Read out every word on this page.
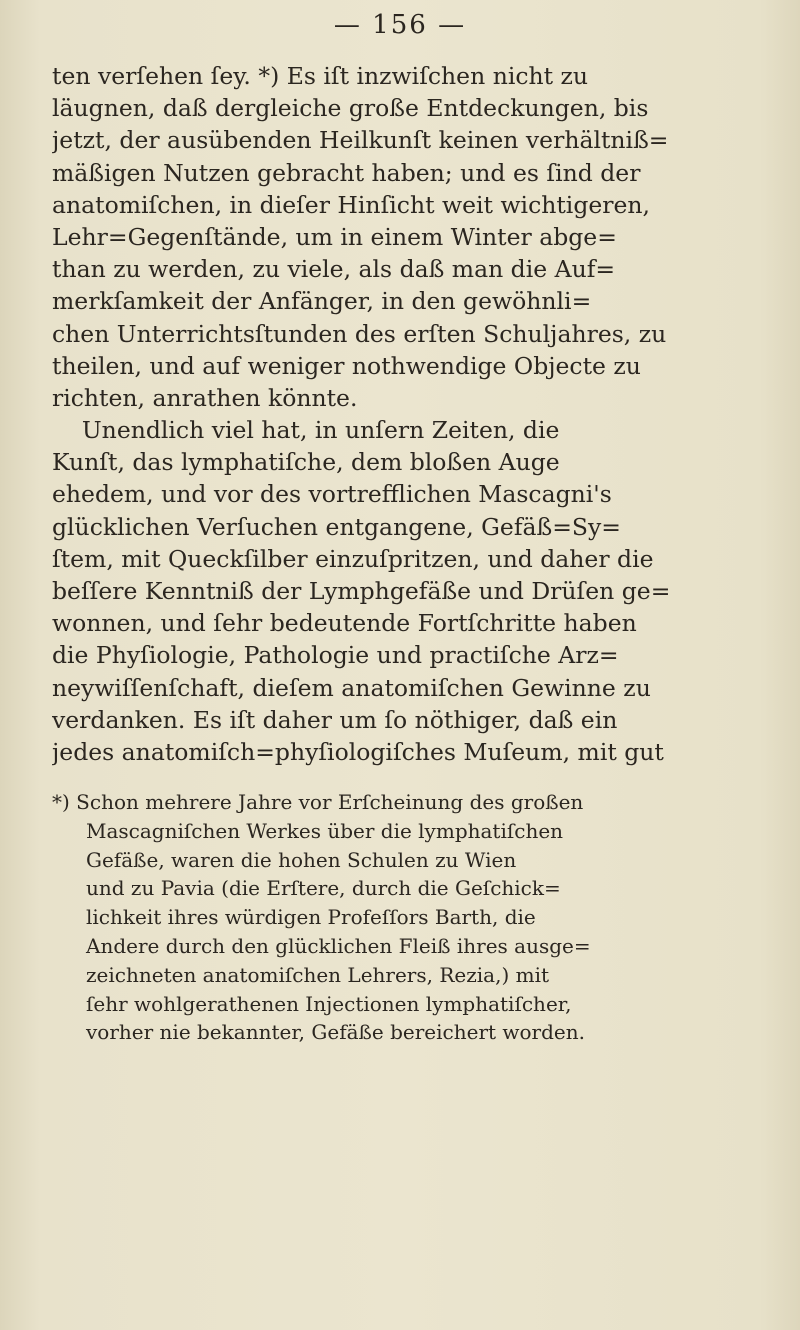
— 156 —
ten verſehen ſey. *) Es iſt inzwiſchen nicht zu
läugnen, daß dergleiche große Entdeckungen, bis
jetzt, der ausübenden Heilkunſt keinen verhältniß=
mäßigen Nutzen gebracht haben; und es ſind der
anatomiſchen, in dieſer Hinſicht weit wichtigeren,
Lehr=Gegenſtände, um in einem Winter abge=
than zu werden, zu viele, als daß man die Auf=
merkſamkeit der Anfänger, in den gewöhnli=
chen Unterrichtsſtunden des erſten Schuljahres, zu
theilen, und auf weniger nothwendige Objecte zu
richten, anrathen könnte.
Unendlich viel hat, in unſern Zeiten, die
Kunſt, das lymphatiſche, dem bloßen Auge
ehedem, und vor des vortrefflichen Mascagni's
glücklichen Verſuchen entgangene, Gefäß=Sy=
ſtem, mit Queckſilber einzuſpritzen, und daher die
beſſere Kenntniß der Lymphgefäße und Drüſen ge=
wonnen, und ſehr bedeutende Fortſchritte haben
die Phyſiologie, Pathologie und practiſche Arz=
neywiſſenſchaft, dieſem anatomiſchen Gewinne zu
verdanken. Es iſt daher um ſo nöthiger, daß ein
jedes anatomiſch=phyſiologiſches Muſeum, mit gut
*) Schon mehrere Jahre vor Erſcheinung des großen
Mascagniſchen Werkes über die lymphatiſchen
Gefäße, waren die hohen Schulen zu Wien
und zu Pavia (die Erſtere, durch die Geſchick=
lichkeit ihres würdigen Profeſſors Barth, die
Andere durch den glücklichen Fleiß ihres ausge=
zeichneten anatomiſchen Lehrers, Rezia,) mit
ſehr wohlgerathenen Injectionen lymphatiſcher,
vorher nie bekannter, Gefäße bereichert worden.
